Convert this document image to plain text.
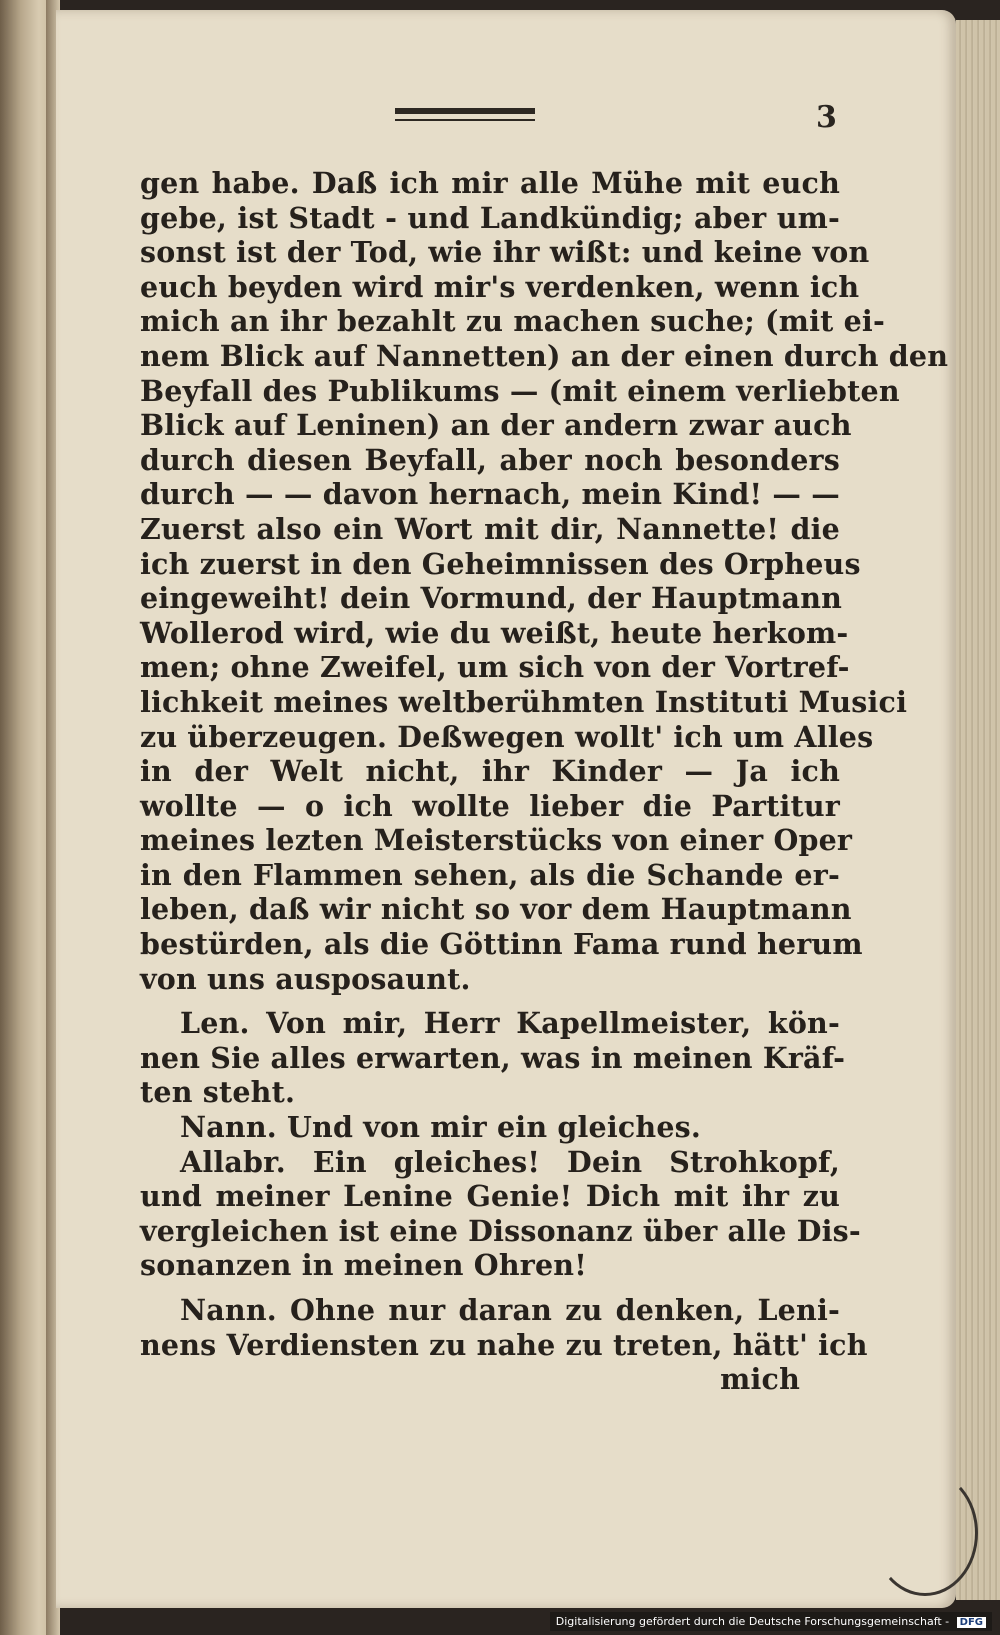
3
gen habe. Daß ich mir alle Mühe mit euch
gebe, ist Stadt - und Landkündig; aber um-
sonst ist der Tod, wie ihr wißt: und keine von
euch beyden wird mir's verdenken, wenn ich
mich an ihr bezahlt zu machen suche; (mit ei-
nem Blick auf Nannetten) an der einen durch den
Beyfall des Publikums — (mit einem verliebten
Blick auf Leninen) an der andern zwar auch
durch diesen Beyfall, aber noch besonders
durch — — davon hernach, mein Kind! — —
Zuerst also ein Wort mit dir, Nannette! die
ich zuerst in den Geheimnissen des Orpheus
eingeweiht! dein Vormund, der Hauptmann
Wollerod wird, wie du weißt, heute herkom-
men; ohne Zweifel, um sich von der Vortref-
lichkeit meines weltberühmten Instituti Musici
zu überzeugen. Deßwegen wollt' ich um Alles
in der Welt nicht, ihr Kinder — Ja ich
wollte — o ich wollte lieber die Partitur
meines lezten Meisterstücks von einer Oper
in den Flammen sehen, als die Schande er-
leben, daß wir nicht so vor dem Hauptmann
bestürden, als die Göttinn Fama rund herum
von uns ausposaunt.
Len. Von mir, Herr Kapellmeister, kön-
nen Sie alles erwarten, was in meinen Kräf-
ten steht.
Nann. Und von mir ein gleiches.
Allabr. Ein gleiches! Dein Strohkopf,
und meiner Lenine Genie! Dich mit ihr zu
vergleichen ist eine Dissonanz über alle Dis-
sonanzen in meinen Ohren!
Nann. Ohne nur daran zu denken, Leni-
nens Verdiensten zu nahe zu treten, hätt' ich
mich
Digitalisierung gefördert durch die Deutsche Forschungsgemeinschaft - DFG
